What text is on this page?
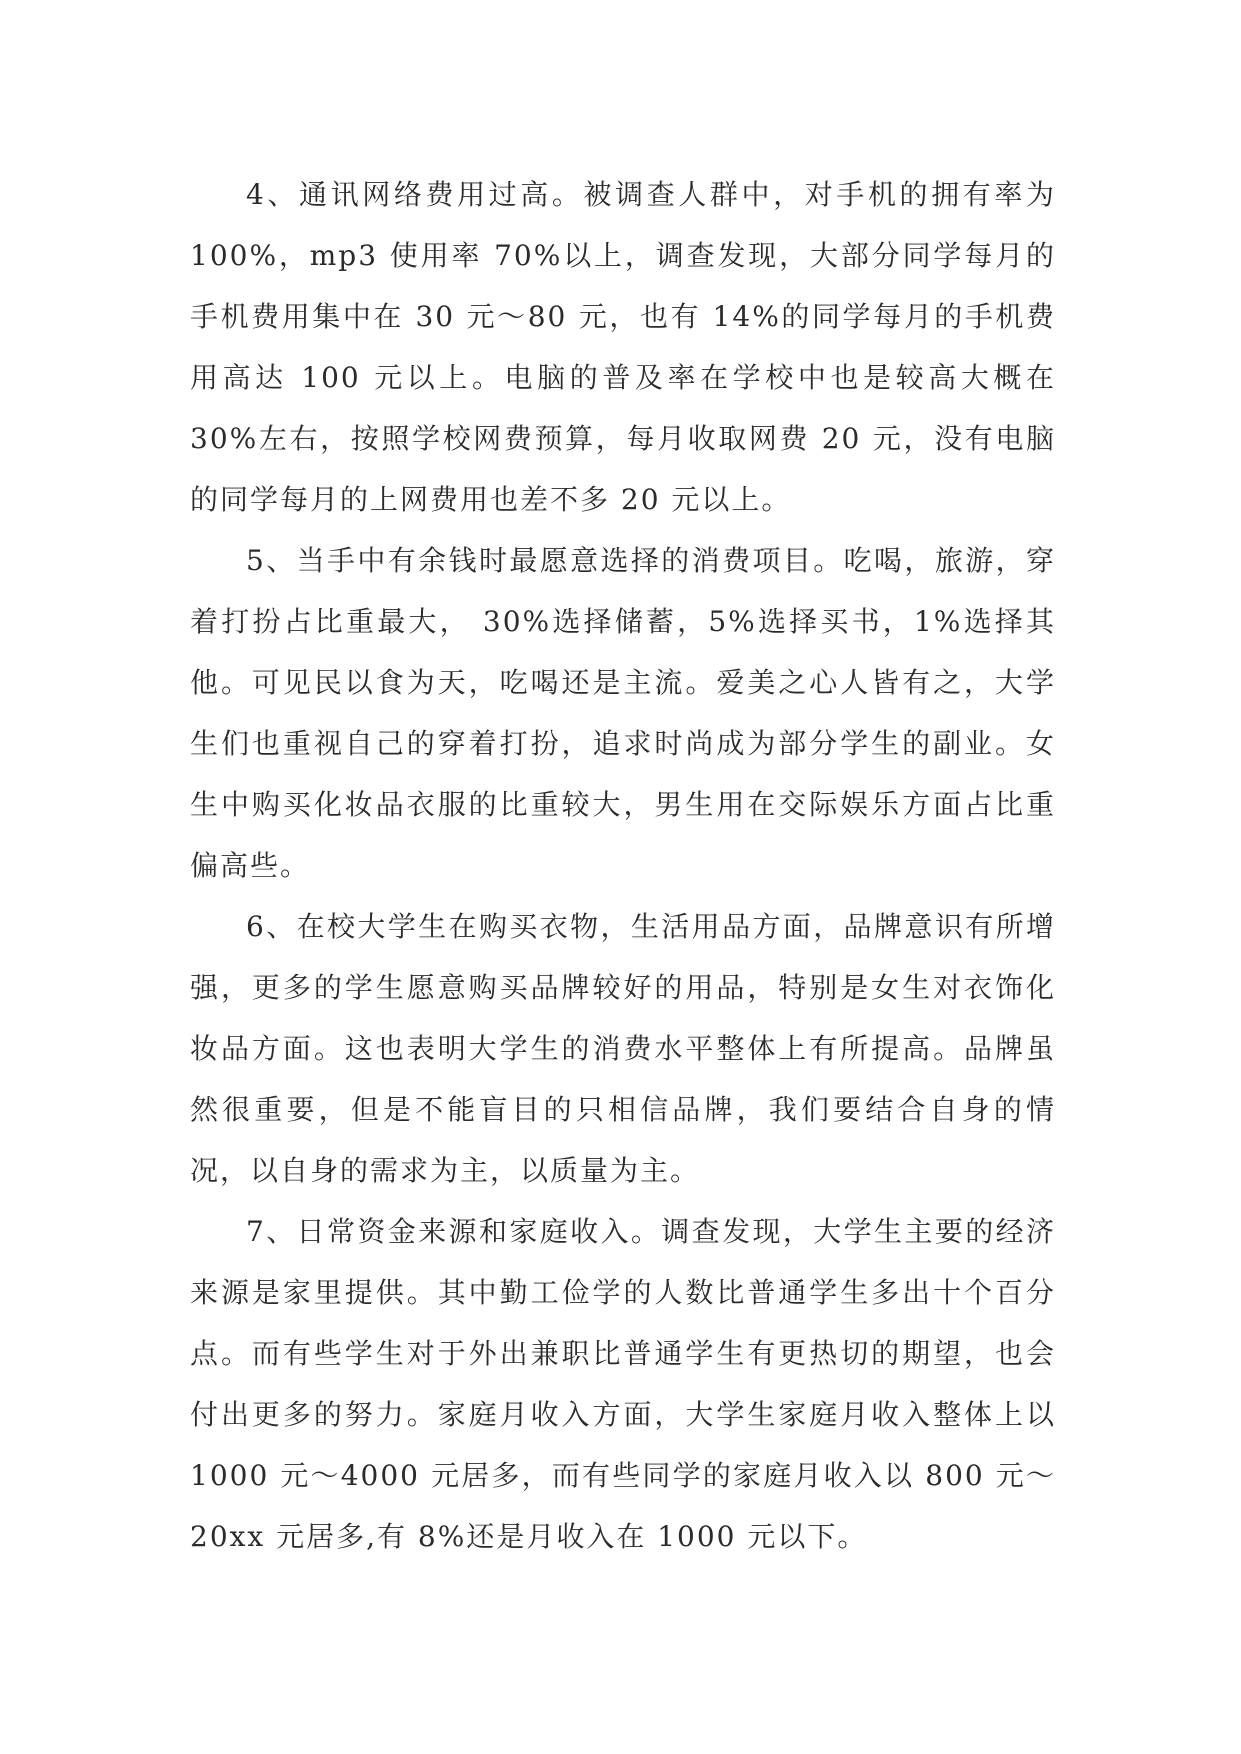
4、通讯网络费用过高。被调查人群中，对手机的拥有率为 100%，mp3 使用率 70%以上，调查发现，大部分同学每月的手机费用集中在 30 元～80 元，也有 14%的同学每月的手机费用高达 100 元以上。电脑的普及率在学校中也是较高大概在 30%左右，按照学校网费预算，每月收取网费 20 元，没有电脑的同学每月的上网费用也差不多 20 元以上。

5、当手中有余钱时最愿意选择的消费项目。吃喝，旅游，穿着打扮占比重最大， 30%选择储蓄，5%选择买书，1%选择其他。可见民以食为天，吃喝还是主流。爱美之心人皆有之，大学生们也重视自己的穿着打扮，追求时尚成为部分学生的副业。女生中购买化妆品衣服的比重较大，男生用在交际娱乐方面占比重偏高些。

6、在校大学生在购买衣物，生活用品方面，品牌意识有所增强，更多的学生愿意购买品牌较好的用品，特别是女生对衣饰化妆品方面。这也表明大学生的消费水平整体上有所提高。品牌虽然很重要，但是不能盲目的只相信品牌，我们要结合自身的情况，以自身的需求为主，以质量为主。

7、日常资金来源和家庭收入。调查发现，大学生主要的经济来源是家里提供。其中勤工俭学的人数比普通学生多出十个百分点。而有些学生对于外出兼职比普通学生有更热切的期望，也会付出更多的努力。家庭月收入方面，大学生家庭月收入整体上以 1000 元～4000 元居多，而有些同学的家庭月收入以 800 元～20xx 元居多,有 8%还是月收入在 1000 元以下。
